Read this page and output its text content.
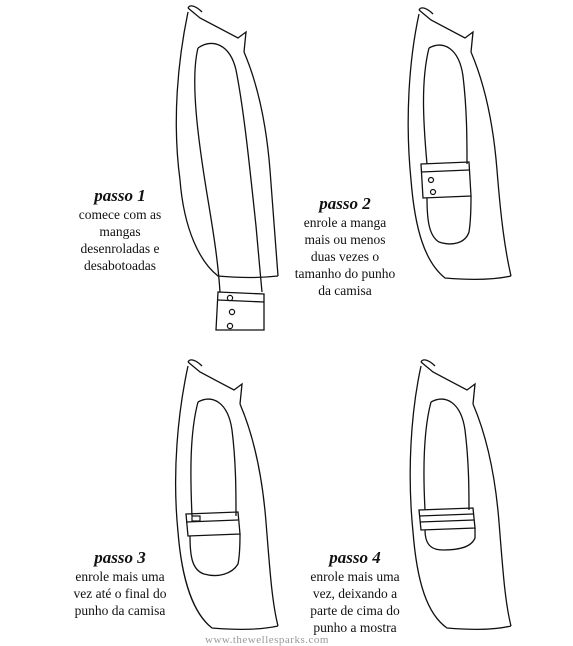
passo 1
comece com as
mangas
desenroladas e
desabotoadas
passo 2
enrole a manga
mais ou menos
duas vezes o
tamanho do punho
da camisa
passo 3
enrole mais uma
vez até o final do
punho da camisa
passo 4
enrole mais uma
vez, deixando a
parte de cima do
punho a mostra
www.thewellesparks.com
